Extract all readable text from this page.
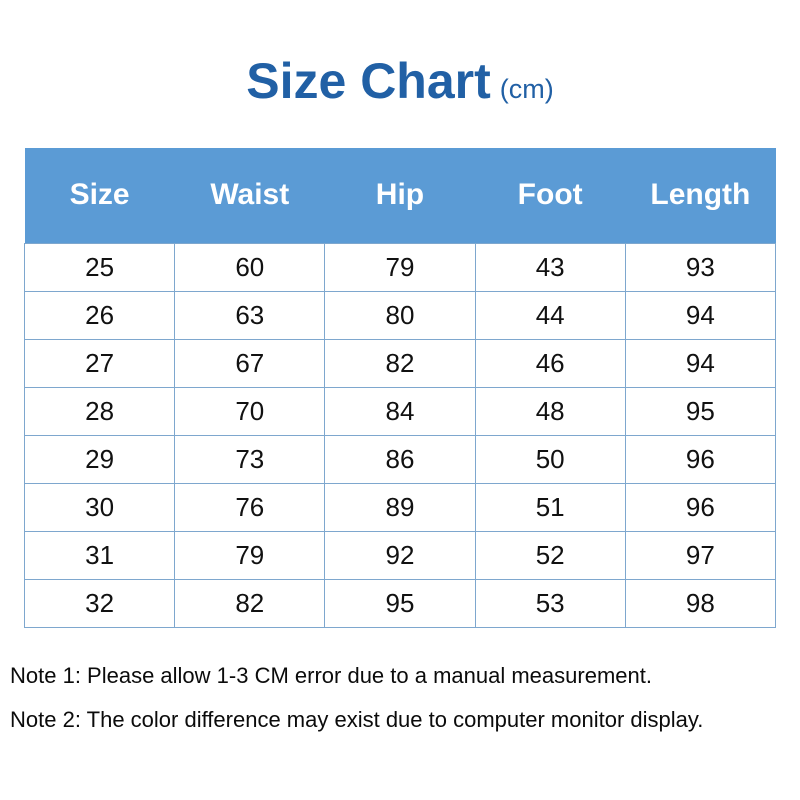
Size Chart (cm)
Size	Waist	Hip	Foot	Length
25	60	79	43	93
26	63	80	44	94
27	67	82	46	94
28	70	84	48	95
29	73	86	50	96
30	76	89	51	96
31	79	92	52	97
32	82	95	53	98

Note 1: Please allow 1-3 CM error due to a manual measurement.

Note 2: The color difference may exist due to computer monitor display.
